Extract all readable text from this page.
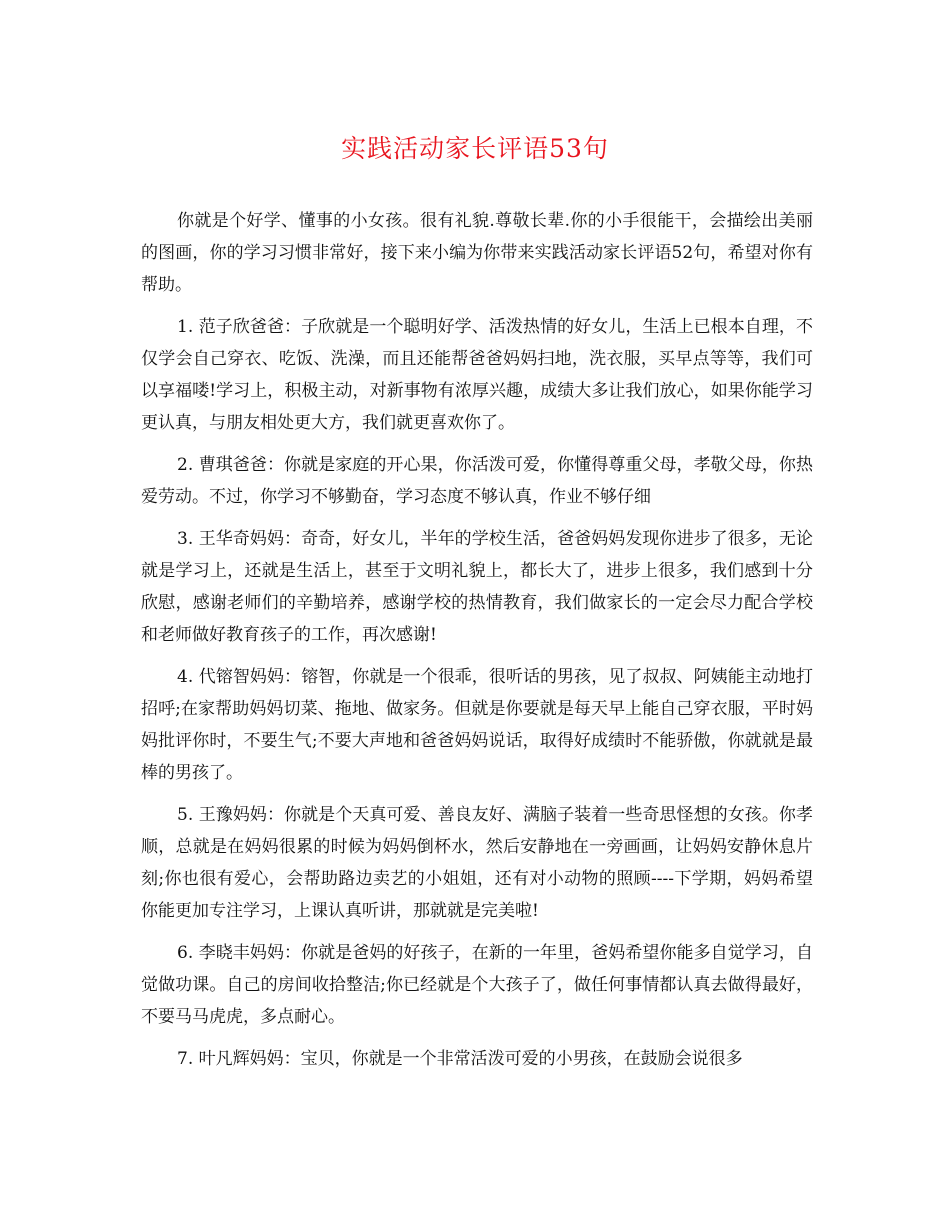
实践活动家长评语53句

你就是个好学、懂事的小女孩。很有礼貌.尊敬长辈.你的小手很能干，会描绘出美丽的图画，你的学习习惯非常好，接下来小编为你带来实践活动家长评语52句，希望对你有帮助。

1. 范子欣爸爸：子欣就是一个聪明好学、活泼热情的好女儿，生活上已根本自理，不仅学会自己穿衣、吃饭、洗澡，而且还能帮爸爸妈妈扫地，洗衣服，买早点等等，我们可以享福喽!学习上，积极主动，对新事物有浓厚兴趣，成绩大多让我们放心，如果你能学习更认真，与朋友相处更大方，我们就更喜欢你了。

2. 曹琪爸爸：你就是家庭的开心果，你活泼可爱，你懂得尊重父母，孝敬父母，你热爱劳动。不过，你学习不够勤奋，学习态度不够认真，作业不够仔细

3. 王华奇妈妈：奇奇，好女儿，半年的学校生活，爸爸妈妈发现你进步了很多，无论就是学习上，还就是生活上，甚至于文明礼貌上，都长大了，进步上很多，我们感到十分欣慰，感谢老师们的辛勤培养，感谢学校的热情教育，我们做家长的一定会尽力配合学校和老师做好教育孩子的工作，再次感谢!

4. 代镕智妈妈：镕智，你就是一个很乖，很听话的男孩，见了叔叔、阿姨能主动地打招呼;在家帮助妈妈切菜、拖地、做家务。但就是你要就是每天早上能自己穿衣服，平时妈妈批评你时，不要生气;不要大声地和爸爸妈妈说话，取得好成绩时不能骄傲，你就就是最棒的男孩了。

5. 王豫妈妈：你就是个天真可爱、善良友好、满脑子装着一些奇思怪想的女孩。你孝顺，总就是在妈妈很累的时候为妈妈倒杯水，然后安静地在一旁画画，让妈妈安静休息片刻;你也很有爱心，会帮助路边卖艺的小姐姐，还有对小动物的照顾----下学期，妈妈希望你能更加专注学习，上课认真听讲，那就就是完美啦!

6. 李晓丰妈妈：你就是爸妈的好孩子，在新的一年里，爸妈希望你能多自觉学习，自觉做功课。自己的房间收拾整洁;你已经就是个大孩子了，做任何事情都认真去做得最好，不要马马虎虎，多点耐心。

7. 叶凡辉妈妈：宝贝，你就是一个非常活泼可爱的小男孩，在鼓励会说很多
